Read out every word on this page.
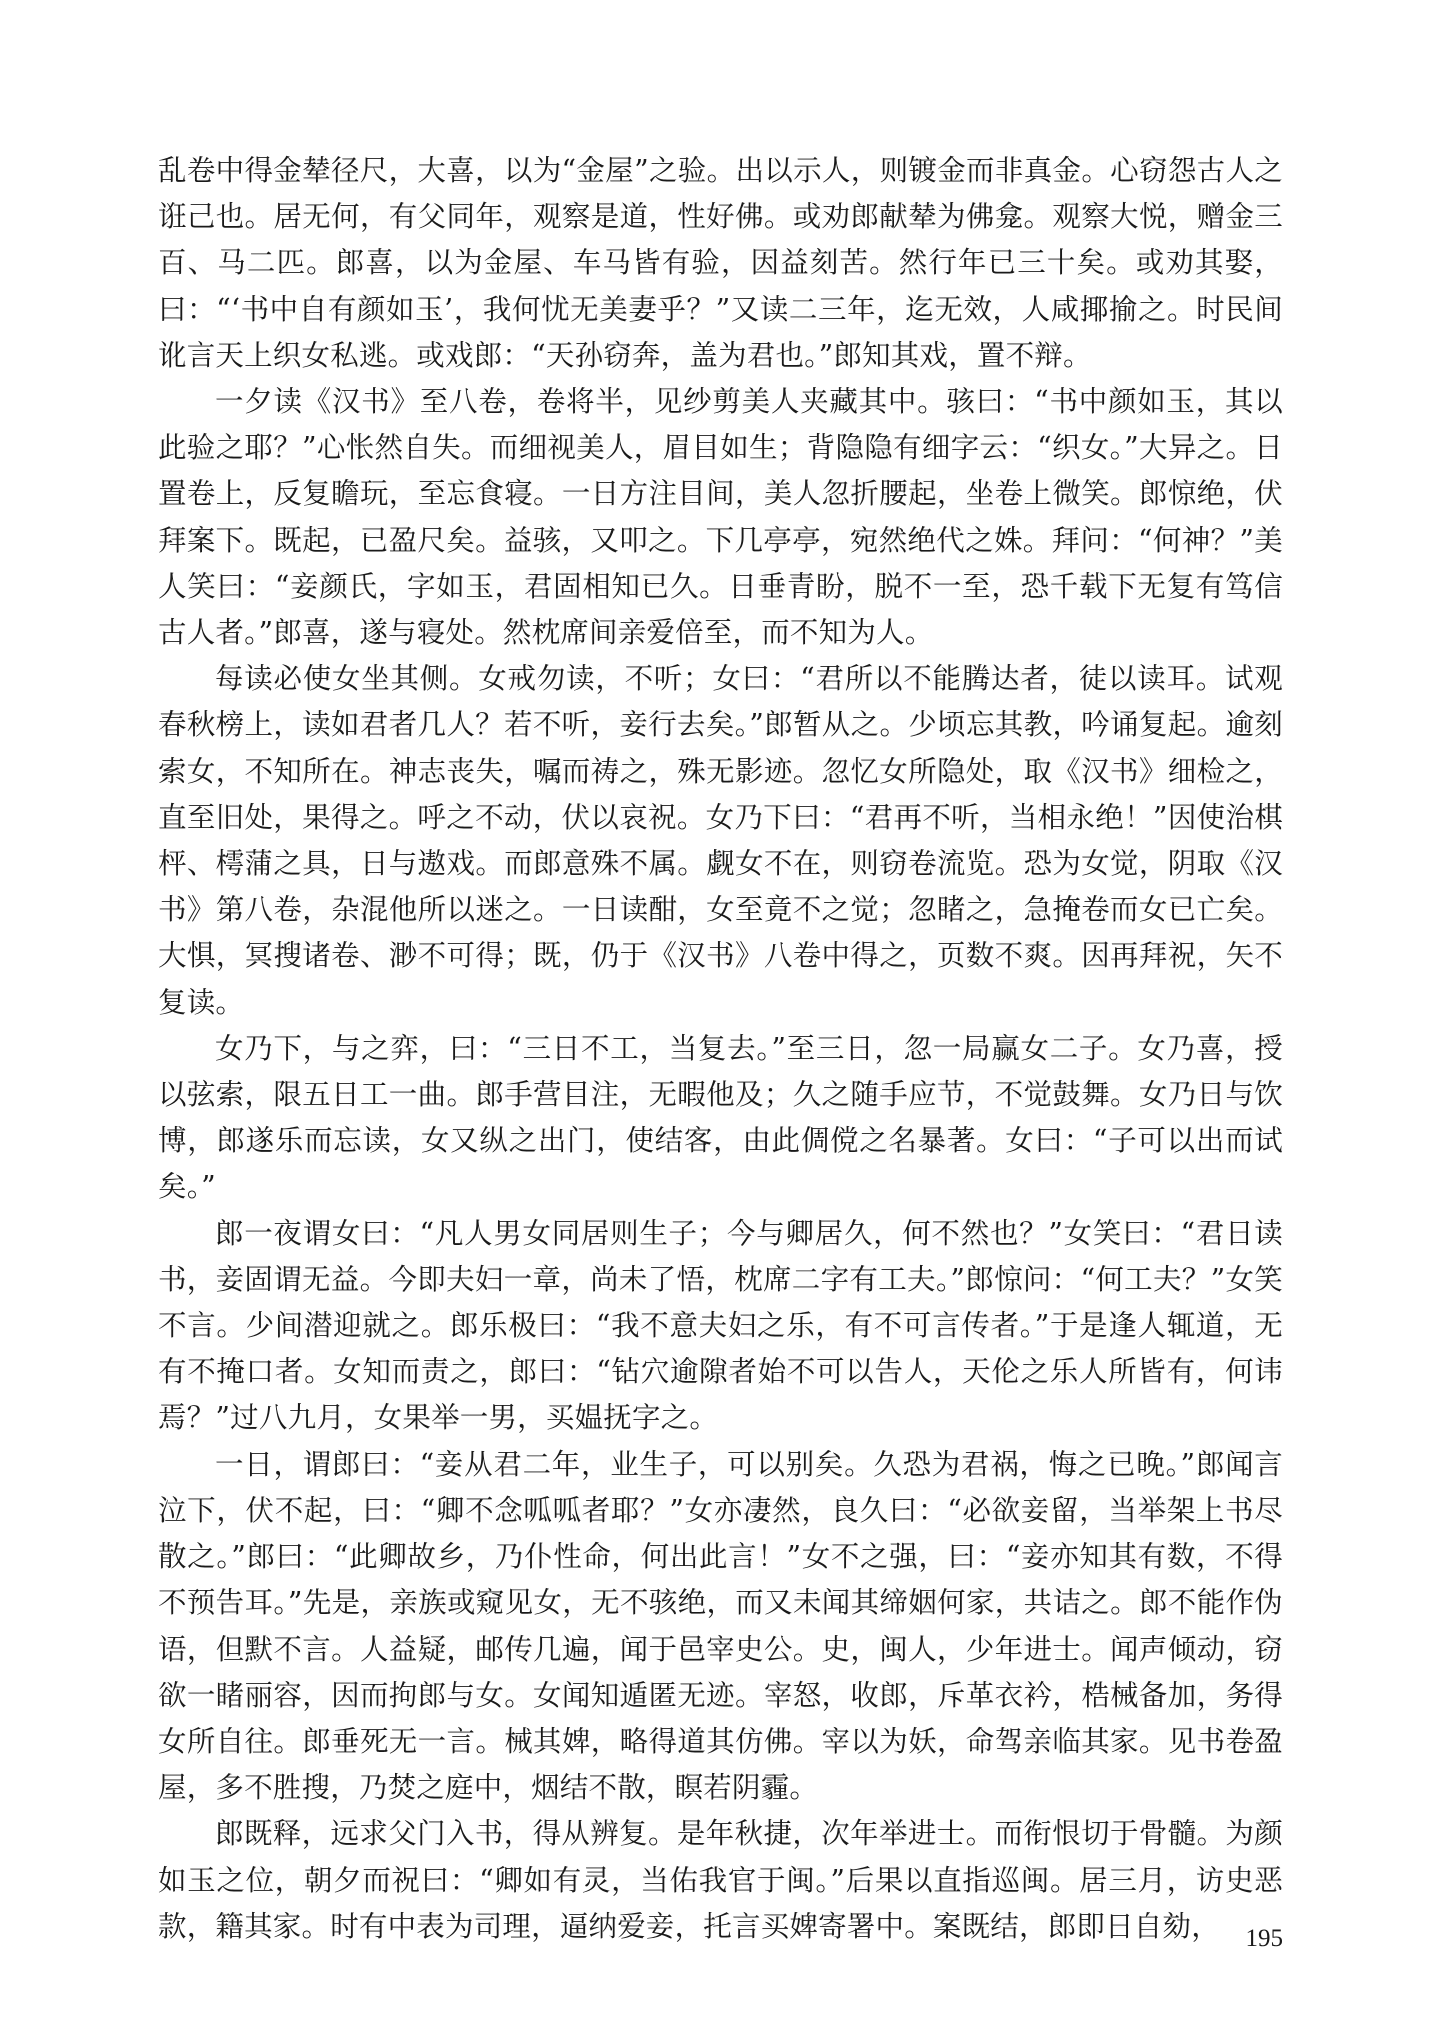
乱卷中得金辇径尺，大喜，以为“金屋”之验。出以示人，则镀金而非真金。心窃怨古人之诳己也。居无何，有父同年，观察是道，性好佛。或劝郎献辇为佛龛。观察大悦，赠金三百、马二匹。郎喜，以为金屋、车马皆有验，因益刻苦。然行年已三十矣。或劝其娶，曰：“‘书中自有颜如玉’，我何忧无美妻乎？”又读二三年，迄无效，人咸揶揄之。时民间讹言天上织女私逃。或戏郎：“天孙窃奔，盖为君也。”郎知其戏，置不辩。

一夕读《汉书》至八卷，卷将半，见纱剪美人夹藏其中。骇曰：“书中颜如玉，其以此验之耶？”心怅然自失。而细视美人，眉目如生；背隐隐有细字云：“织女。”大异之。日置卷上，反复瞻玩，至忘食寝。一日方注目间，美人忽折腰起，坐卷上微笑。郎惊绝，伏拜案下。既起，已盈尺矣。益骇，又叩之。下几亭亭，宛然绝代之姝。拜问：“何神？”美人笑曰：“妾颜氏，字如玉，君固相知已久。日垂青盼，脱不一至，恐千载下无复有笃信古人者。”郎喜，遂与寝处。然枕席间亲爱倍至，而不知为人。

每读必使女坐其侧。女戒勿读，不听；女曰：“君所以不能腾达者，徒以读耳。试观春秋榜上，读如君者几人？若不听，妾行去矣。”郎暂从之。少顷忘其教，吟诵复起。逾刻索女，不知所在。神志丧失，嘱而祷之，殊无影迹。忽忆女所隐处，取《汉书》细检之，直至旧处，果得之。呼之不动，伏以哀祝。女乃下曰：“君再不听，当相永绝！”因使治棋枰、樗蒲之具，日与遨戏。而郎意殊不属。觑女不在，则窃卷流览。恐为女觉，阴取《汉书》第八卷，杂混他所以迷之。一日读酣，女至竟不之觉；忽睹之，急掩卷而女已亡矣。大惧，冥搜诸卷、渺不可得；既，仍于《汉书》八卷中得之，页数不爽。因再拜祝，矢不复读。

女乃下，与之弈，曰：“三日不工，当复去。”至三日，忽一局赢女二子。女乃喜，授以弦索，限五日工一曲。郎手营目注，无暇他及；久之随手应节，不觉鼓舞。女乃日与饮博，郎遂乐而忘读，女又纵之出门，使结客，由此倜傥之名暴著。女曰：“子可以出而试矣。”

郎一夜谓女曰：“凡人男女同居则生子；今与卿居久，何不然也？”女笑曰：“君日读书，妾固谓无益。今即夫妇一章，尚未了悟，枕席二字有工夫。”郎惊问：“何工夫？”女笑不言。少间潜迎就之。郎乐极曰：“我不意夫妇之乐，有不可言传者。”于是逢人辄道，无有不掩口者。女知而责之，郎曰：“钻穴逾隙者始不可以告人，天伦之乐人所皆有，何讳焉？”过八九月，女果举一男，买媪抚字之。

一日，谓郎曰：“妾从君二年，业生子，可以别矣。久恐为君祸，悔之已晚。”郎闻言泣下，伏不起，曰：“卿不念呱呱者耶？”女亦凄然，良久曰：“必欲妾留，当举架上书尽散之。”郎曰：“此卿故乡，乃仆性命，何出此言！”女不之强，曰：“妾亦知其有数，不得不预告耳。”先是，亲族或窥见女，无不骇绝，而又未闻其缔姻何家，共诘之。郎不能作伪语，但默不言。人益疑，邮传几遍，闻于邑宰史公。史，闽人，少年进士。闻声倾动，窃欲一睹丽容，因而拘郎与女。女闻知遁匿无迹。宰怒，收郎，斥革衣衿，梏械备加，务得女所自往。郎垂死无一言。械其婢，略得道其仿佛。宰以为妖，命驾亲临其家。见书卷盈屋，多不胜搜，乃焚之庭中，烟结不散，瞑若阴霾。

郎既释，远求父门入书，得从辨复。是年秋捷，次年举进士。而衔恨切于骨髓。为颜如玉之位，朝夕而祝曰：“卿如有灵，当佑我官于闽。”后果以直指巡闽。居三月，访史恶款，籍其家。时有中表为司理，逼纳爱妾，托言买婢寄署中。案既结，郎即日自劾，	195
